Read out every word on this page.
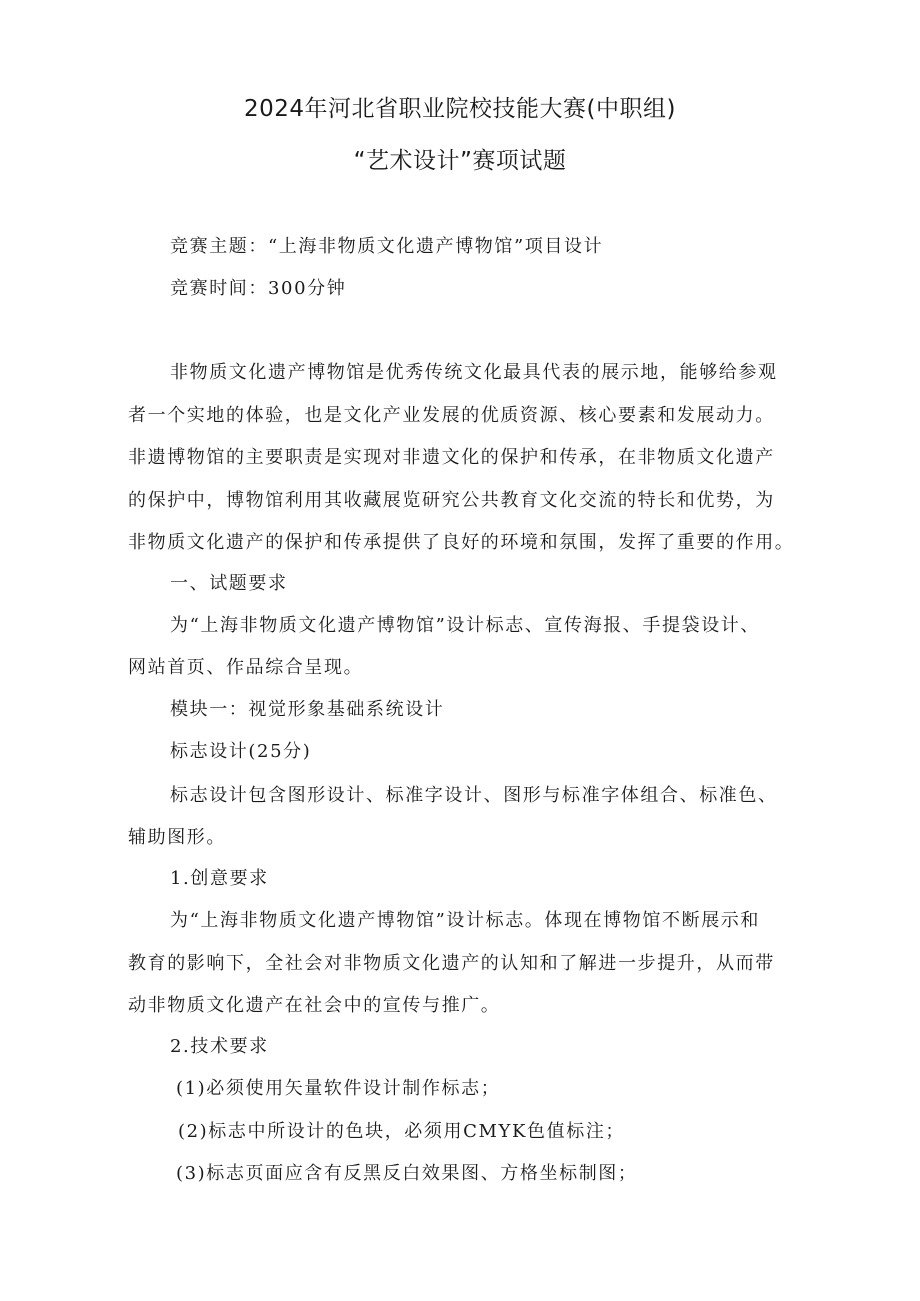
2024年河北省职业院校技能大赛(中职组)
“艺术设计”赛项试题

竞赛主题：“上海非物质文化遗产博物馆”项目设计

竞赛时间：300分钟

非物质文化遗产博物馆是优秀传统文化最具代表的展示地，能够给参观

者一个实地的体验，也是文化产业发展的优质资源、核心要素和发展动力。

非遗博物馆的主要职责是实现对非遗文化的保护和传承，在非物质文化遗产

的保护中，博物馆利用其收藏展览研究公共教育文化交流的特长和优势，为

非物质文化遗产的保护和传承提供了良好的环境和氛围，发挥了重要的作用。

一、试题要求

为“上海非物质文化遗产博物馆”设计标志、宣传海报、手提袋设计、

网站首页、作品综合呈现。

模块一：视觉形象基础系统设计

标志设计(25分)

标志设计包含图形设计、标准字设计、图形与标准字体组合、标准色、

辅助图形。

1.创意要求

为“上海非物质文化遗产博物馆”设计标志。体现在博物馆不断展示和

教育的影响下，全社会对非物质文化遗产的认知和了解进一步提升，从而带

动非物质文化遗产在社会中的宣传与推广。

2.技术要求

(1)必须使用矢量软件设计制作标志；

(2)标志中所设计的色块，必须用CMYK色值标注；

(3)标志页面应含有反黑反白效果图、方格坐标制图；
